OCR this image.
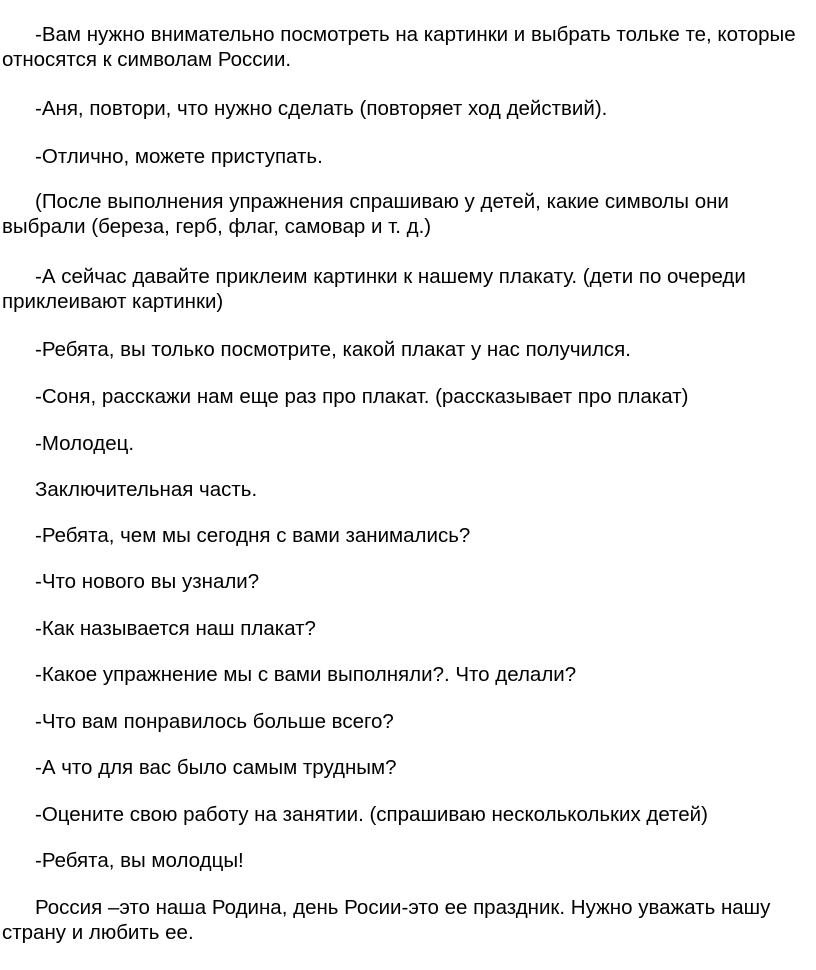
-Вам нужно внимательно посмотреть на картинки и выбрать тольке те, которые относятся к символам России.

-Аня, повтори, что нужно сделать (повторяет ход действий).

-Отлично, можете приступать.

(После выполнения упражнения спрашиваю у детей, какие символы они выбрали (береза, герб, флаг, самовар и т. д.)

-А сейчас давайте приклеим картинки к нашему плакату. (дети по очереди приклеивают картинки)

-Ребята, вы только посмотрите, какой плакат у нас получился.

-Соня, расскажи нам еще раз про плакат. (рассказывает про плакат)

-Молодец.

Заключительная часть.

-Ребята, чем мы сегодня с вами занимались?

-Что нового вы узнали?

-Как называется наш плакат?

-Какое упражнение мы с вами выполняли?. Что делали?

-Что вам понравилось больше всего?

-А что для вас было самым трудным?

-Оцените свою работу на занятии. (спрашиваю несколькольких детей)

-Ребята, вы молодцы!

Россия –это наша Родина, день Росии-это ее праздник. Нужно уважать нашу страну и любить ее.
